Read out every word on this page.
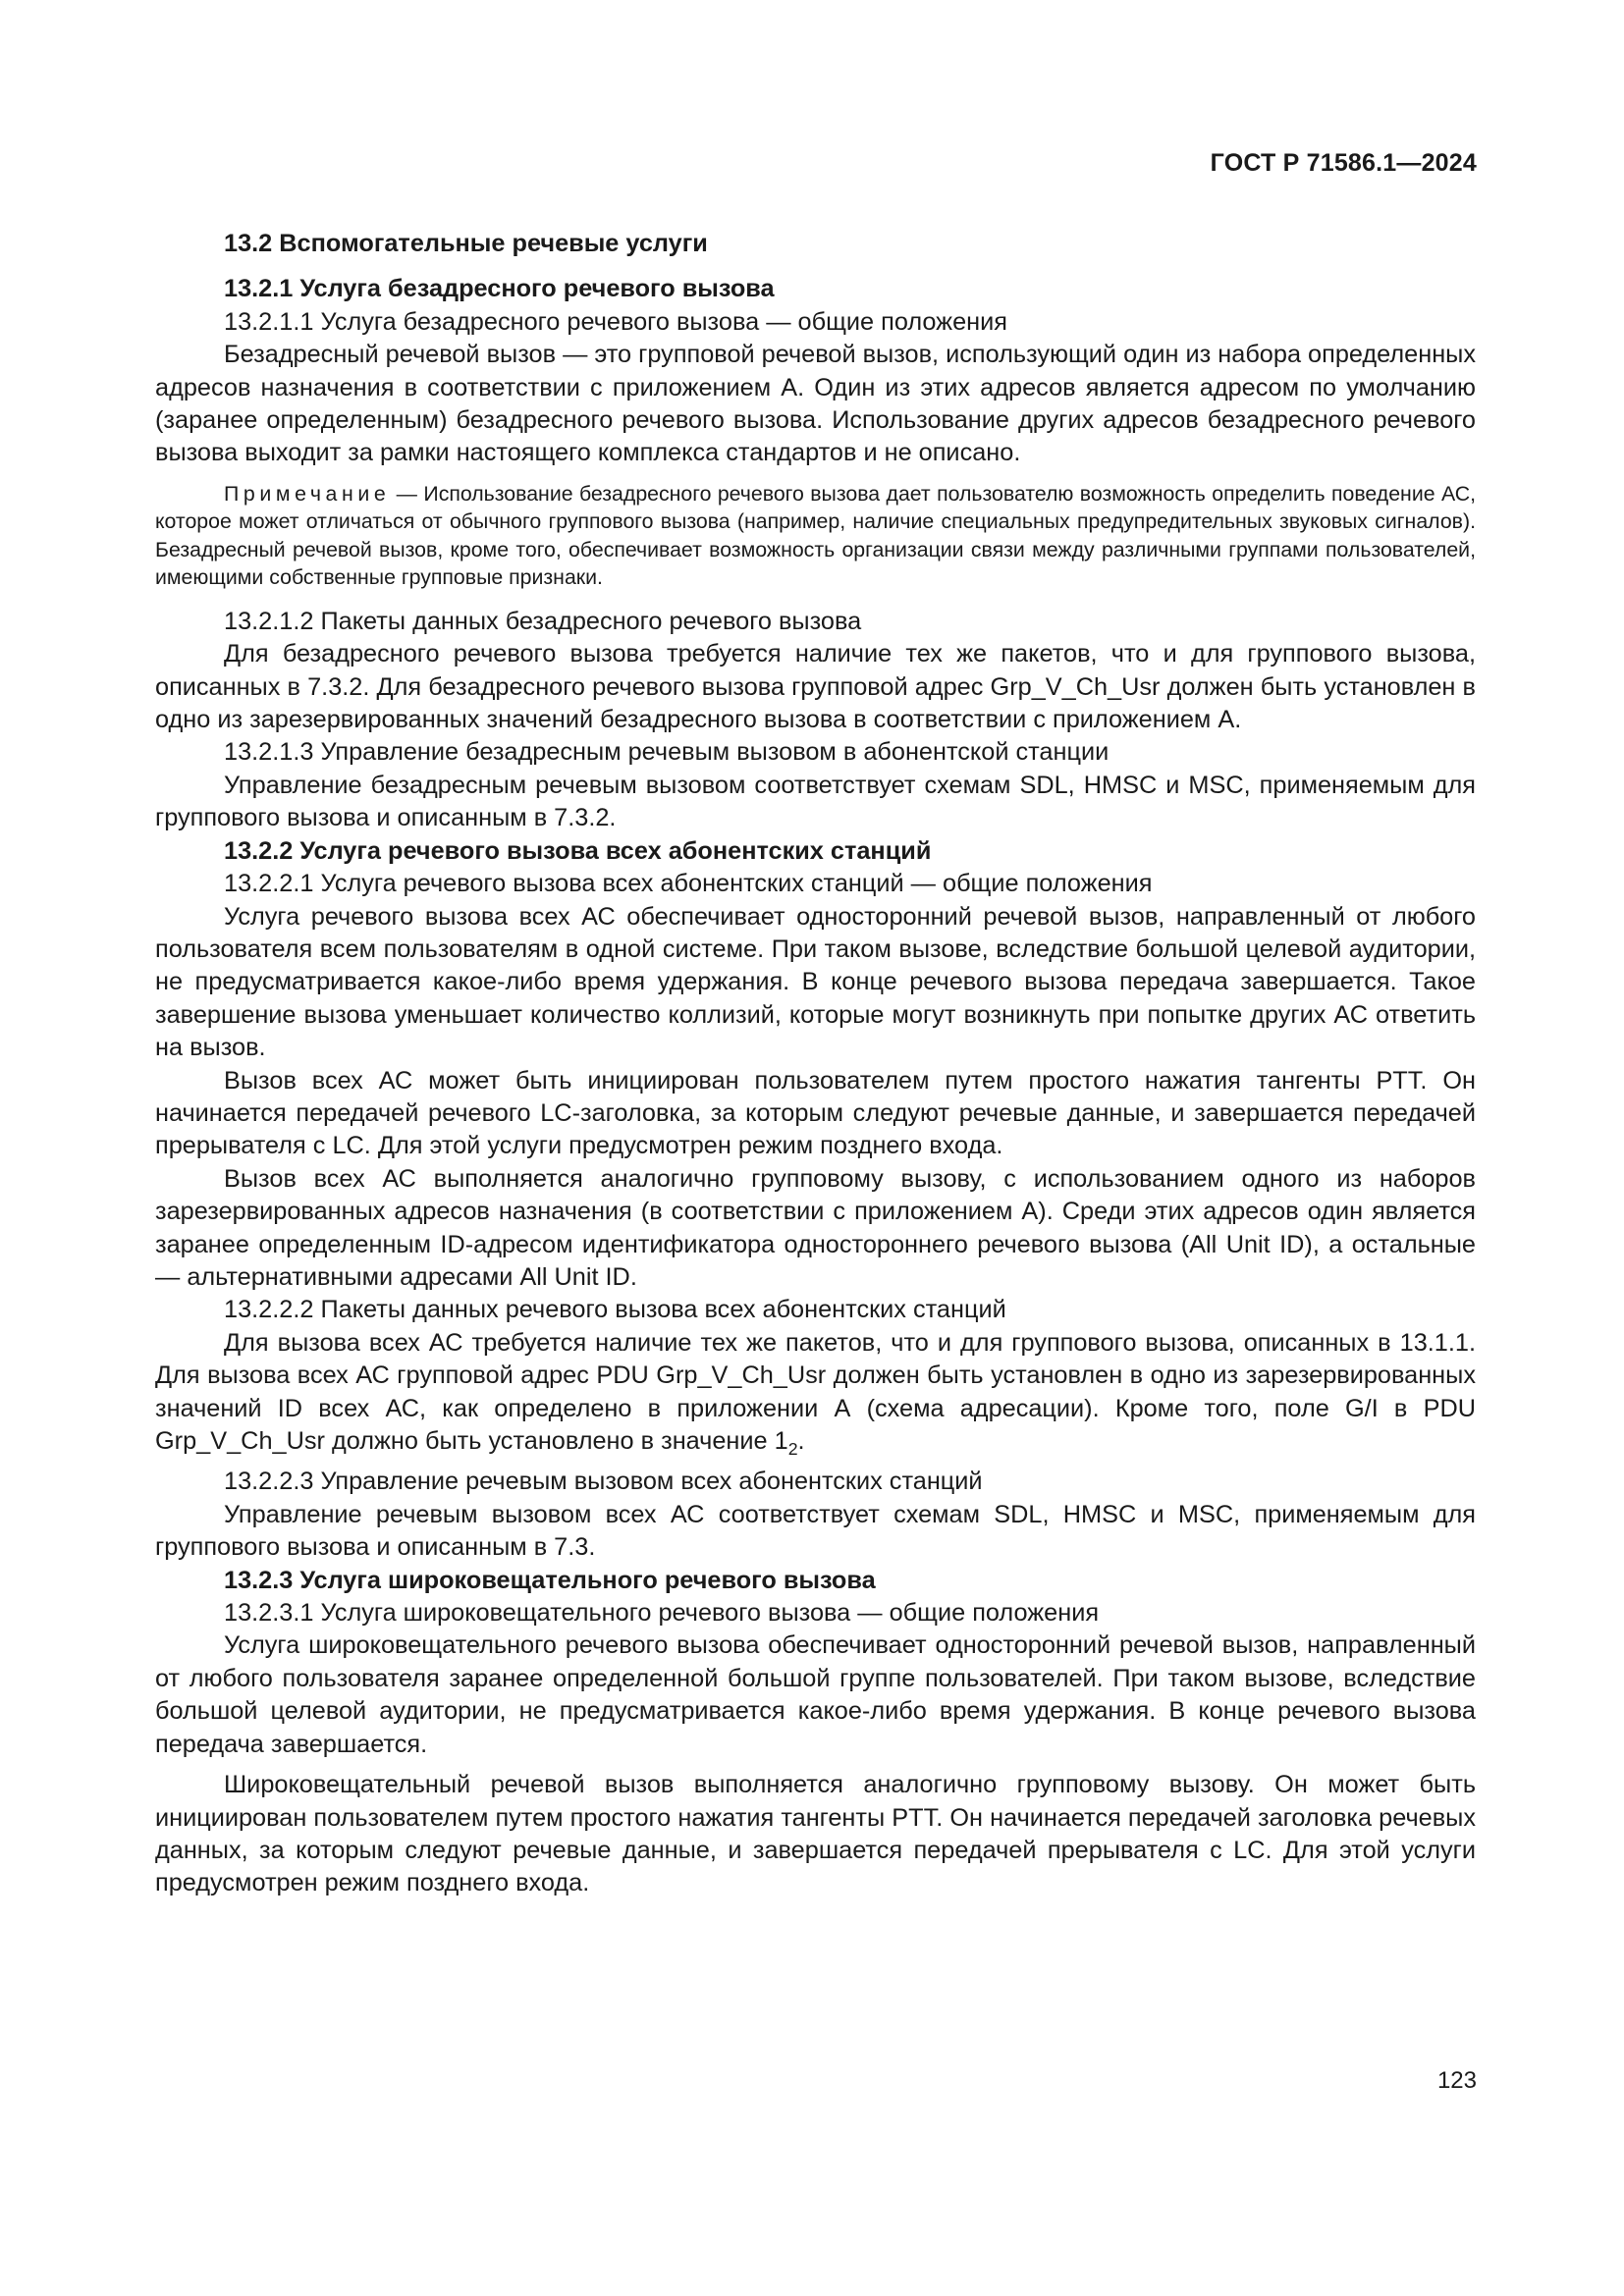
ГОСТ Р 71586.1—2024
13.2 Вспомогательные речевые услуги
13.2.1 Услуга безадресного речевого вызова
13.2.1.1 Услуга безадресного речевого вызова — общие положения
Безадресный речевой вызов — это групповой речевой вызов, использующий один из набора определенных адресов назначения в соответствии с приложением А. Один из этих адресов является адресом по умолчанию (заранее определенным) безадресного речевого вызова. Использование других адресов безадресного речевого вызова выходит за рамки настоящего комплекса стандартов и не описано.
Примечание — Использование безадресного речевого вызова дает пользователю возможность определить поведение АС, которое может отличаться от обычного группового вызова (например, наличие специальных предупредительных звуковых сигналов). Безадресный речевой вызов, кроме того, обеспечивает возможность организации связи между различными группами пользователей, имеющими собственные групповые признаки.
13.2.1.2 Пакеты данных безадресного речевого вызова
Для безадресного речевого вызова требуется наличие тех же пакетов, что и для группового вызова, описанных в 7.3.2. Для безадресного речевого вызова групповой адрес Grp_V_Ch_Usr должен быть установлен в одно из зарезервированных значений безадресного вызова в соответствии с приложением А.
13.2.1.3 Управление безадресным речевым вызовом в абонентской станции
Управление безадресным речевым вызовом соответствует схемам SDL, HMSC и MSC, применяемым для группового вызова и описанным в 7.3.2.
13.2.2 Услуга речевого вызова всех абонентских станций
13.2.2.1 Услуга речевого вызова всех абонентских станций — общие положения
Услуга речевого вызова всех АС обеспечивает односторонний речевой вызов, направленный от любого пользователя всем пользователям в одной системе. При таком вызове, вследствие большой целевой аудитории, не предусматривается какое-либо время удержания. В конце речевого вызова передача завершается. Такое завершение вызова уменьшает количество коллизий, которые могут возникнуть при попытке других АС ответить на вызов.
Вызов всех АС может быть инициирован пользователем путем простого нажатия тангенты PTT. Он начинается передачей речевого LC-заголовка, за которым следуют речевые данные, и завершается передачей прерывателя с LC. Для этой услуги предусмотрен режим позднего входа.
Вызов всех АС выполняется аналогично групповому вызову, с использованием одного из наборов зарезервированных адресов назначения (в соответствии с приложением А). Среди этих адресов один является заранее определенным ID-адресом идентификатора одностороннего речевого вызова (All Unit ID), а остальные — альтернативными адресами All Unit ID.
13.2.2.2 Пакеты данных речевого вызова всех абонентских станций
Для вызова всех АС требуется наличие тех же пакетов, что и для группового вызова, описанных в 13.1.1. Для вызова всех АС групповой адрес PDU Grp_V_Ch_Usr должен быть установлен в одно из зарезервированных значений ID всех АС, как определено в приложении А (схема адресации). Кроме того, поле G/I в PDU Grp_V_Ch_Usr должно быть установлено в значение $1_2$.
13.2.2.3 Управление речевым вызовом всех абонентских станций
Управление речевым вызовом всех АС соответствует схемам SDL, HMSC и MSC, применяемым для группового вызова и описанным в 7.3.
13.2.3 Услуга широковещательного речевого вызова
13.2.3.1 Услуга широковещательного речевого вызова — общие положения
Услуга широковещательного речевого вызова обеспечивает односторонний речевой вызов, направленный от любого пользователя заранее определенной большой группе пользователей. При таком вызове, вследствие большой целевой аудитории, не предусматривается какое-либо время удержания. В конце речевого вызова передача завершается.
Широковещательный речевой вызов выполняется аналогично групповому вызову. Он может быть инициирован пользователем путем простого нажатия тангенты PTT. Он начинается передачей заголовка речевых данных, за которым следуют речевые данные, и завершается передачей прерывателя с LC. Для этой услуги предусмотрен режим позднего входа.
123
